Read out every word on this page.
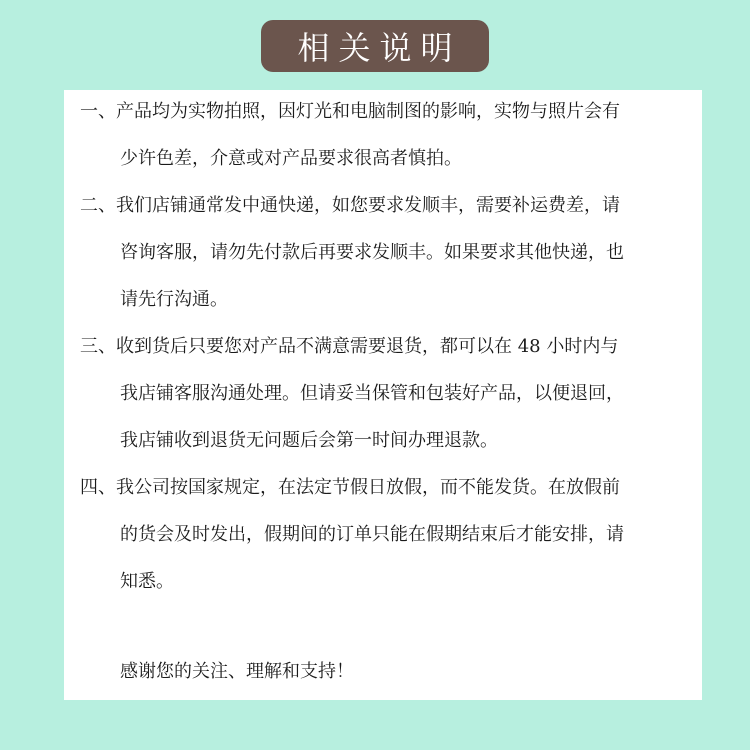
相关说明
一、产品均为实物拍照，因灯光和电脑制图的影响，实物与照片会有
少许色差，介意或对产品要求很高者慎拍。
二、我们店铺通常发中通快递，如您要求发顺丰，需要补运费差，请
咨询客服，请勿先付款后再要求发顺丰。如果要求其他快递，也
请先行沟通。
三、收到货后只要您对产品不满意需要退货，都可以在 48 小时内与
我店铺客服沟通处理。但请妥当保管和包装好产品，以便退回，
我店铺收到退货无问题后会第一时间办理退款。
四、我公司按国家规定，在法定节假日放假，而不能发货。在放假前
的货会及时发出，假期间的订单只能在假期结束后才能安排，请
知悉。
感谢您的关注、理解和支持！
